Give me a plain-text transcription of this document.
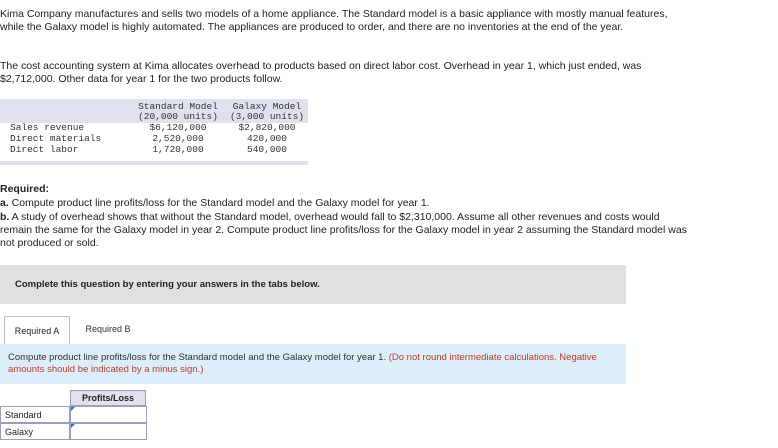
Kima Company manufactures and sells two models of a home appliance. The Standard model is a basic appliance with mostly manual features, while the Galaxy model is highly automated. The appliances are produced to order, and there are no inventories at the end of the year.

The cost accounting system at Kima allocates overhead to products based on direct labor cost. Overhead in year 1, which just ended, was $2,712,000. Other data for year 1 for the two products follow.

Standard Model
(20,000 units)
Galaxy Model
(3,000 units)
Sales revenue	$6,120,000	$2,820,000
Direct materials	2,520,000	420,000
Direct labor	1,720,000	540,000
Required:

a. Compute product line profits/loss for the Standard model and the Galaxy model for year 1.

b. A study of overhead shows that without the Standard model, overhead would fall to $2,310,000. Assume all other revenues and costs would remain the same for the Galaxy model in year 2. Compute product line profits/loss for the Galaxy model in year 2 assuming the Standard model was not produced or sold.

Complete this question by entering your answers in the tabs below.
Required A	Required B

Compute product line profits/loss for the Standard model and the Galaxy model for year 1. (Do not round intermediate calculations. Negative amounts should be indicated by a minus sign.)

Profits/Loss
Standard
Galaxy
